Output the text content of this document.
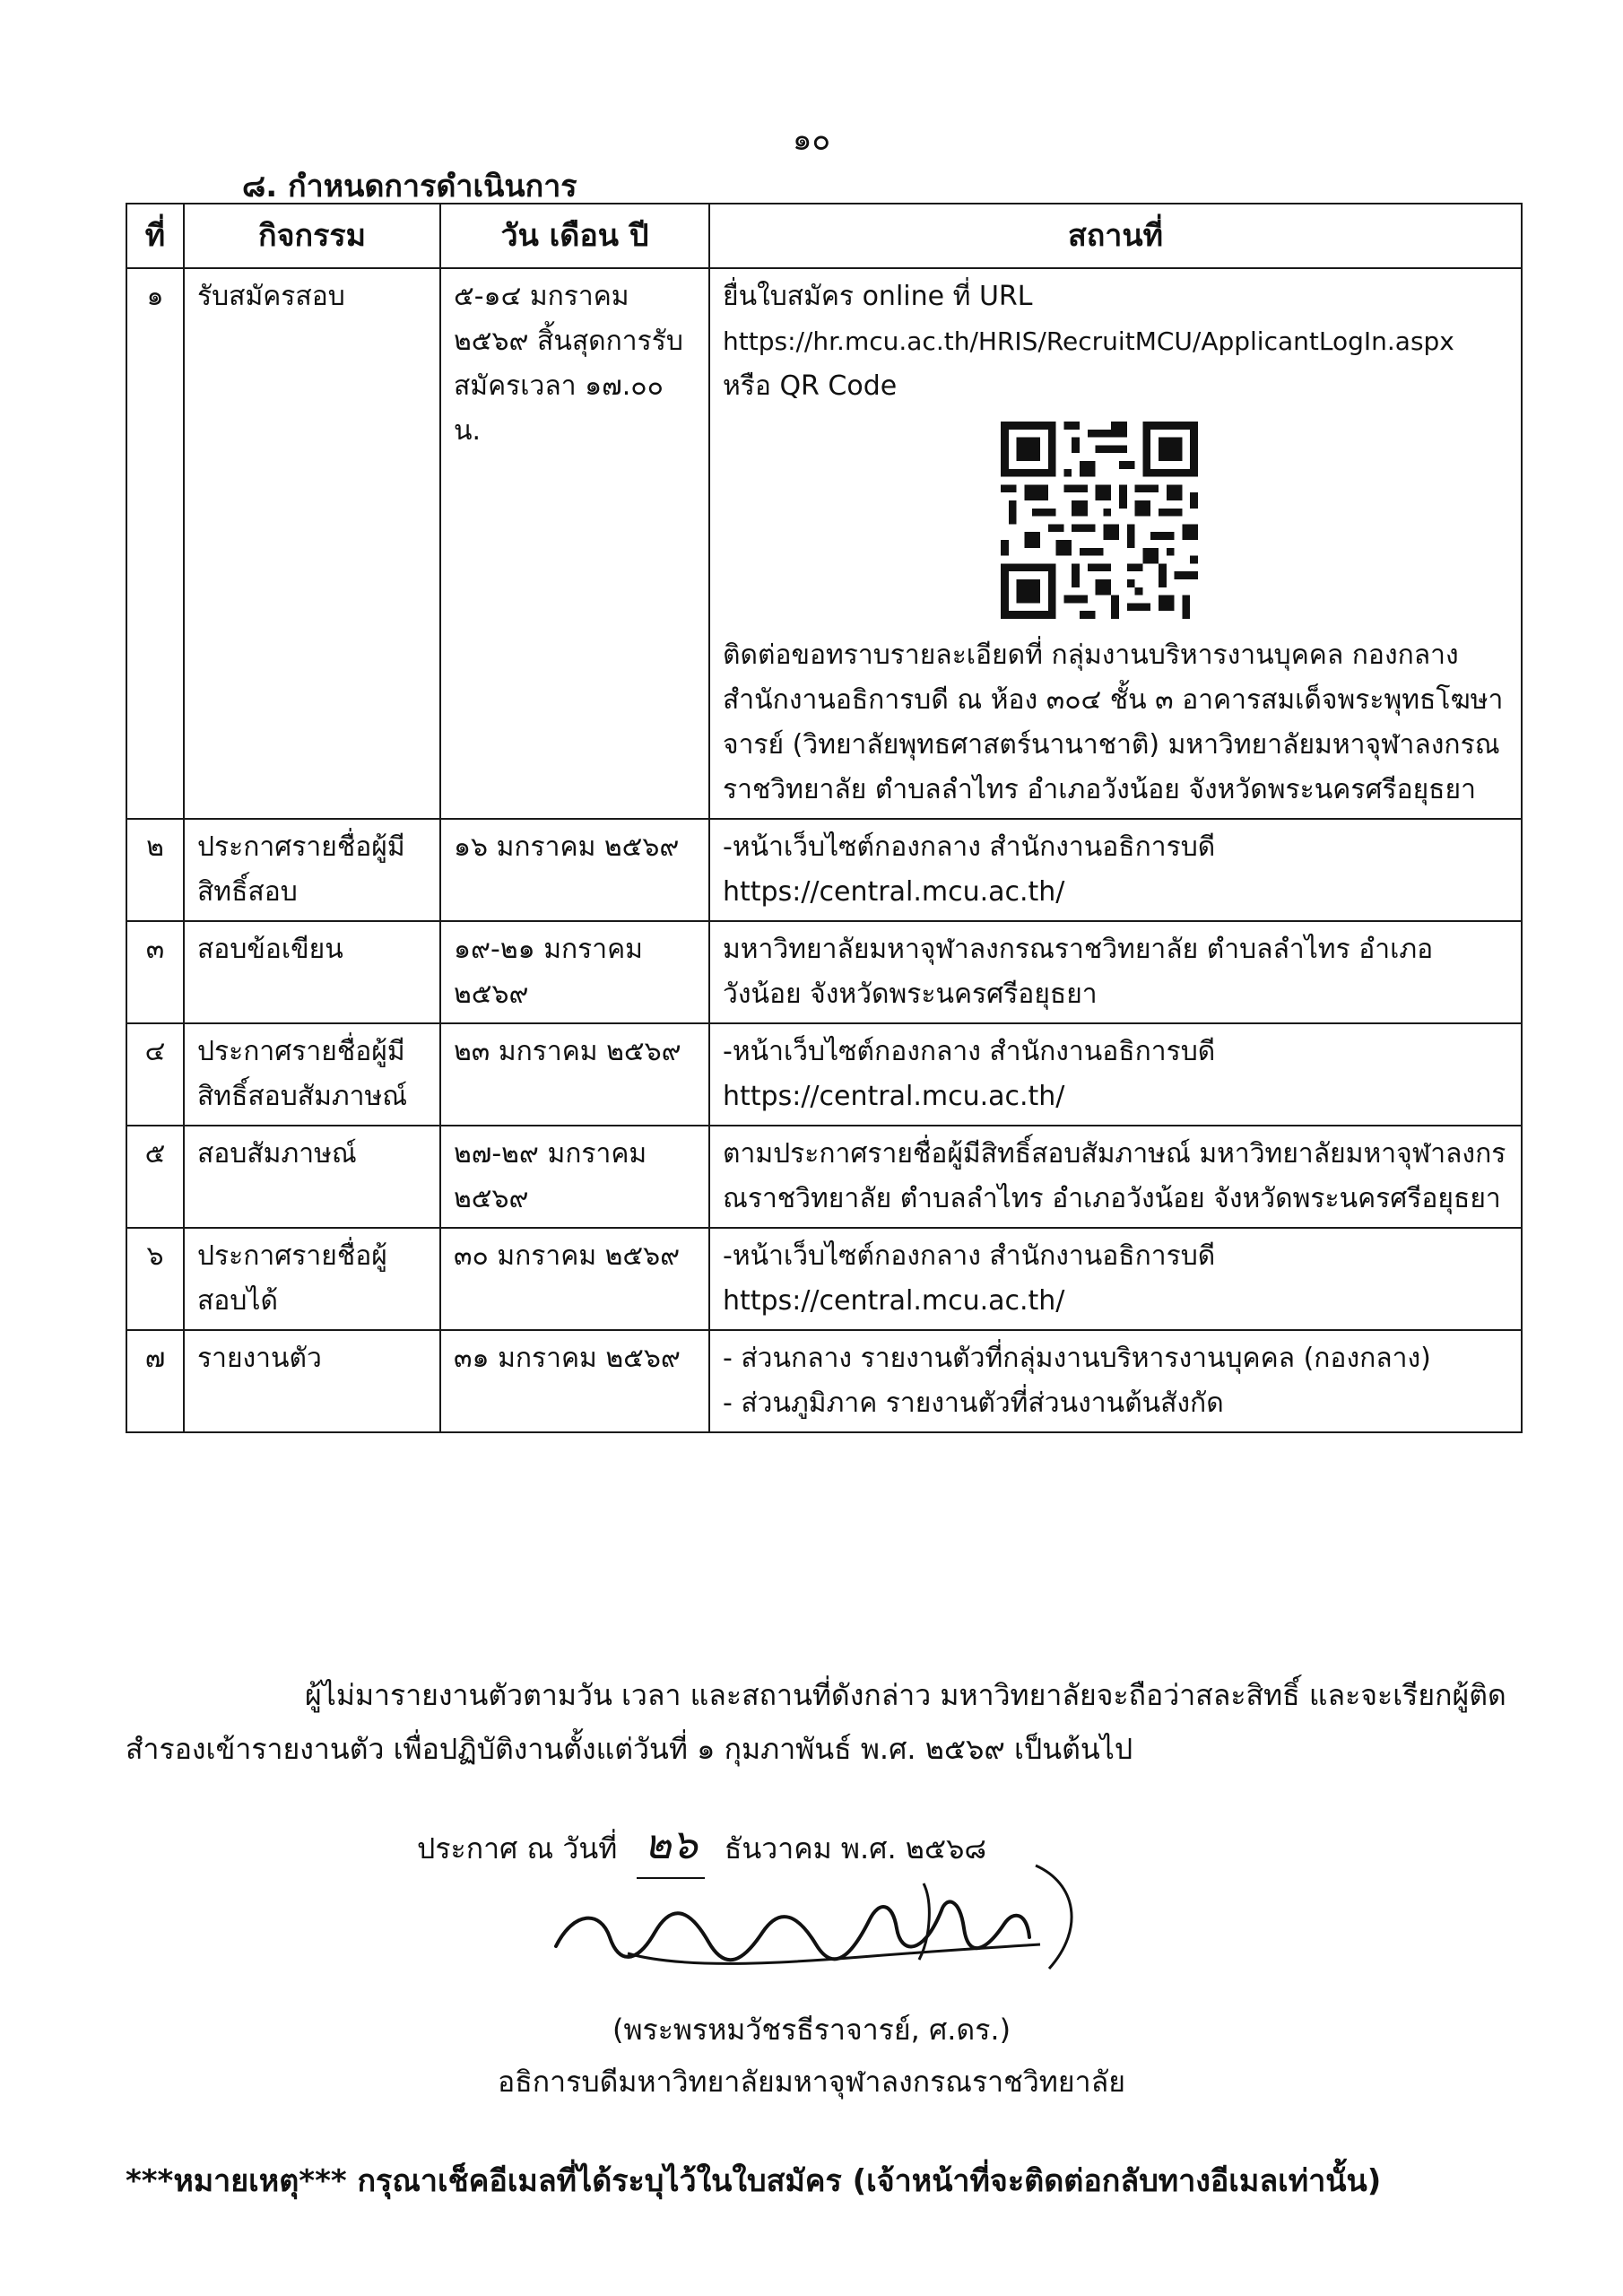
๑๐
๘. กำหนดการดำเนินการ
ที่	กิจกรรม	วัน เดือน ปี	สถานที่
๑	รับสมัครสอบ	๕-๑๔ มกราคม ๒๕๖๙ สิ้นสุดการรับสมัครเวลา ๑๗.๐๐ น.	ยื่นใบสมัคร online ที่ URL
https://hr.mcu.ac.th/HRIS/RecruitMCU/ApplicantLogIn.aspx
หรือ QR Code
ติดต่อขอทราบรายละเอียดที่ กลุ่มงานบริหารงานบุคคล กองกลาง สำนักงานอธิการบดี ณ ห้อง ๓๐๔ ชั้น ๓ อาคารสมเด็จพระพุทธโฆษาจารย์ (วิทยาลัยพุทธศาสตร์นานาชาติ) มหาวิทยาลัยมหาจุฬาลงกรณราชวิทยาลัย ตำบลลำไทร อำเภอวังน้อย จังหวัดพระนครศรีอยุธยา

๒	ประกาศรายชื่อผู้มีสิทธิ์สอบ	๑๖ มกราคม ๒๕๖๙	-หน้าเว็บไซต์กองกลาง สำนักงานอธิการบดี
https://central.mcu.ac.th/

๓	สอบข้อเขียน	๑๙-๒๑ มกราคม ๒๕๖๙	มหาวิทยาลัยมหาจุฬาลงกรณราชวิทยาลัย ตำบลลำไทร อำเภอวังน้อย จังหวัดพระนครศรีอยุธยา

๔	ประกาศรายชื่อผู้มีสิทธิ์สอบสัมภาษณ์	๒๓ มกราคม ๒๕๖๙	-หน้าเว็บไซต์กองกลาง สำนักงานอธิการบดี
https://central.mcu.ac.th/

๕	สอบสัมภาษณ์	๒๗-๒๙ มกราคม ๒๕๖๙	ตามประกาศรายชื่อผู้มีสิทธิ์สอบสัมภาษณ์ มหาวิทยาลัยมหาจุฬาลงกรณราชวิทยาลัย ตำบลลำไทร อำเภอวังน้อย จังหวัดพระนครศรีอยุธยา

๖	ประกาศรายชื่อผู้สอบได้	๓๐ มกราคม ๒๕๖๙	-หน้าเว็บไซต์กองกลาง สำนักงานอธิการบดี
https://central.mcu.ac.th/

๗	รายงานตัว	๓๑ มกราคม ๒๕๖๙	- ส่วนกลาง รายงานตัวที่กลุ่มงานบริหารงานบุคคล (กองกลาง)
- ส่วนภูมิภาค รายงานตัวที่ส่วนงานต้นสังกัด
ผู้ไม่มารายงานตัวตามวัน เวลา และสถานที่ดังกล่าว มหาวิทยาลัยจะถือว่าสละสิทธิ์ และจะเรียกผู้ติดสำรองเข้ารายงานตัว เพื่อปฏิบัติงานตั้งแต่วันที่ ๑ กุมภาพันธ์ พ.ศ. ๒๕๖๙ เป็นต้นไป
ประกาศ ณ วันที่ ๒๖ ธันวาคม พ.ศ. ๒๕๖๘
(พระพรหมวัชรธีราจารย์, ศ.ดร.)
อธิการบดีมหาวิทยาลัยมหาจุฬาลงกรณราชวิทยาลัย
***หมายเหตุ*** กรุณาเช็คอีเมลที่ได้ระบุไว้ในใบสมัคร (เจ้าหน้าที่จะติดต่อกลับทางอีเมลเท่านั้น)
